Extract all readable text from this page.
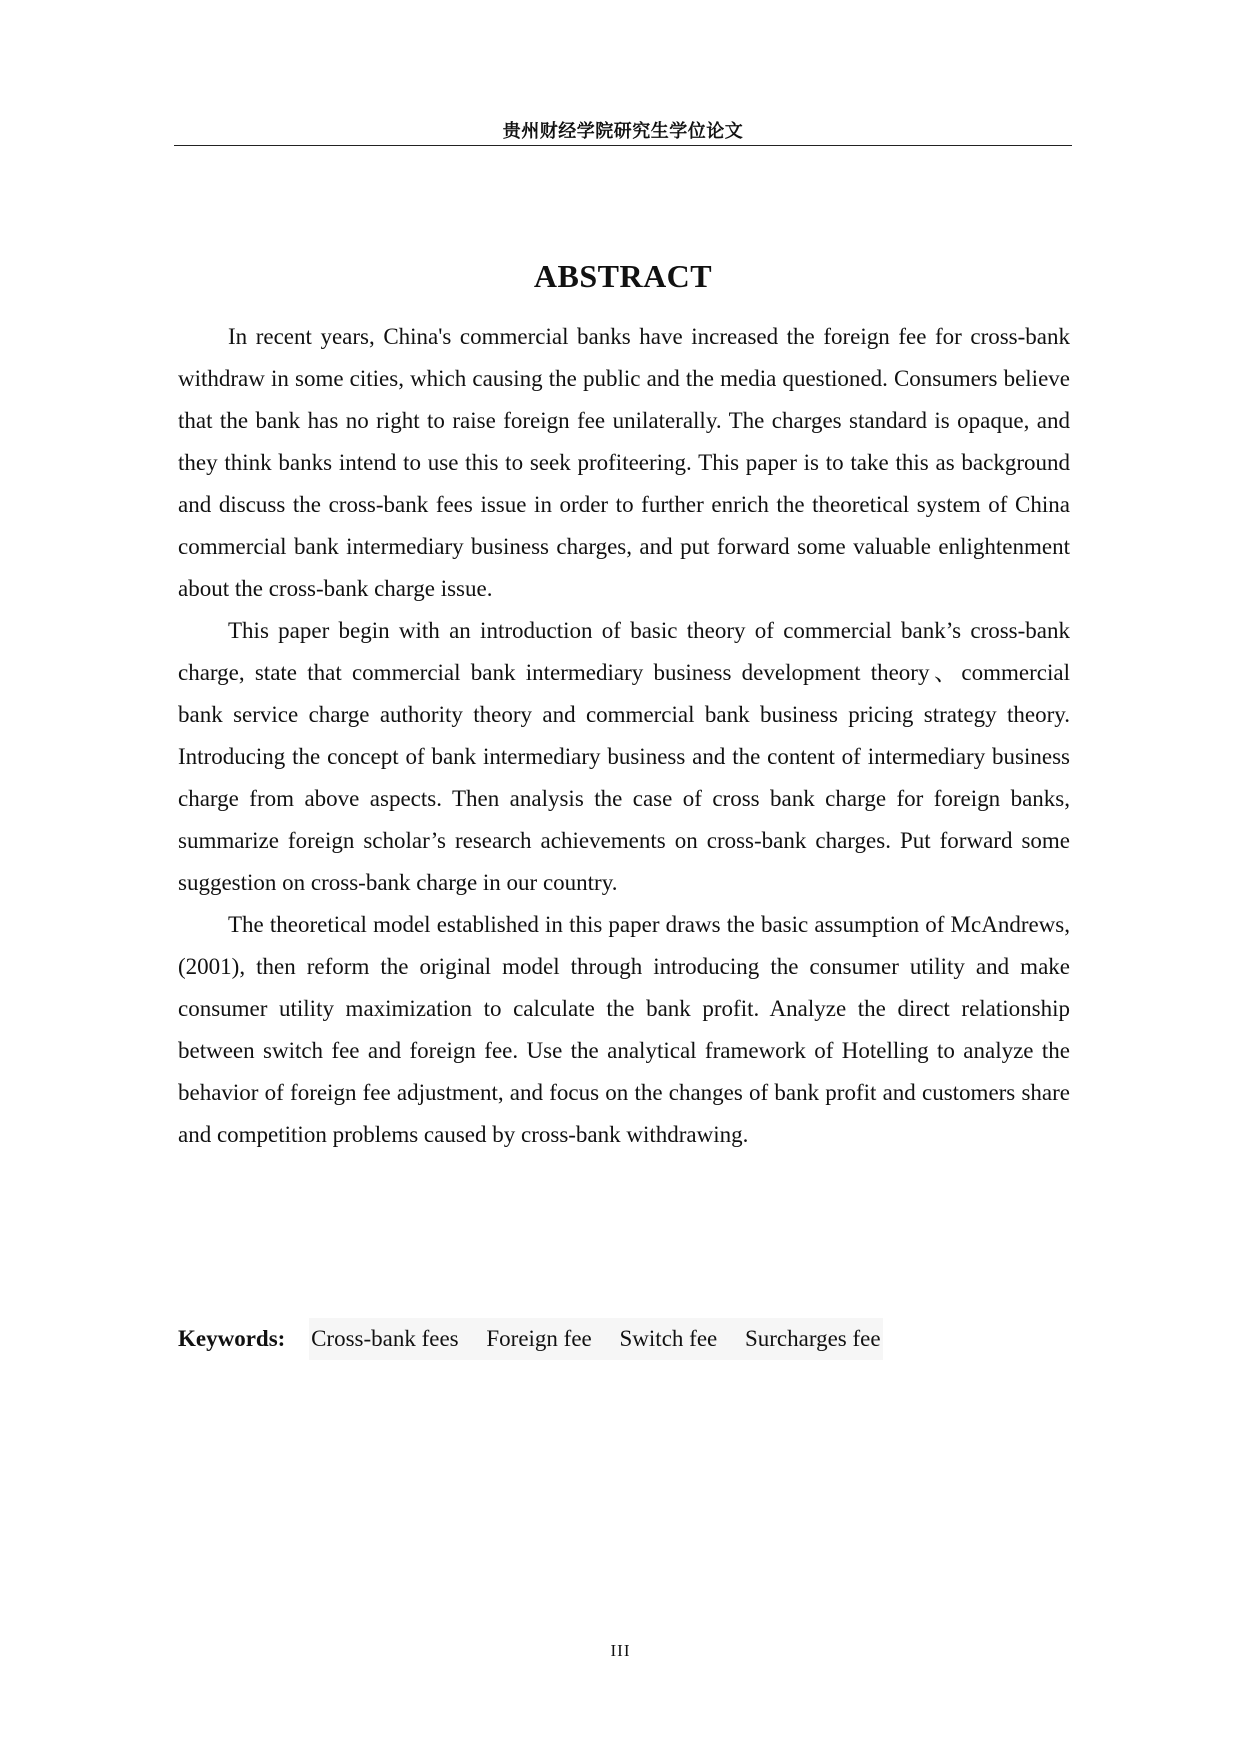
贵州财经学院研究生学位论文
ABSTRACT

In recent years, China's commercial banks have increased the foreign fee for cross-bank withdraw in some cities, which causing the public and the media questioned. Consumers believe that the bank has no right to raise foreign fee unilaterally. The charges standard is opaque, and they think banks intend to use this to seek profiteering. This paper is to take this as background and discuss the cross-bank fees issue in order to further enrich the theoretical system of China commercial bank intermediary business charges, and put forward some valuable enlightenment about the cross-bank charge issue.

This paper begin with an introduction of basic theory of commercial bank’s cross-bank charge, state that commercial bank intermediary business development theory、commercial bank service charge authority theory and commercial bank business pricing strategy theory. Introducing the concept of bank intermediary business and the content of intermediary business charge from above aspects. Then analysis the case of cross bank charge for foreign banks, summarize foreign scholar’s research achievements on cross-bank charges. Put forward some suggestion on cross-bank charge in our country.

The theoretical model established in this paper draws the basic assumption of McAndrews,(2001), then reform the original model through introducing the consumer utility and make consumer utility maximization to calculate the bank profit. Analyze the direct relationship between switch fee and foreign fee. Use the analytical framework of Hotelling to analyze the behavior of foreign fee adjustment, and focus on the changes of bank profit and customers share and competition problems caused by cross-bank withdrawing.

Keywords: Cross-bank fees Foreign fee Switch fee Surcharges fee
III
